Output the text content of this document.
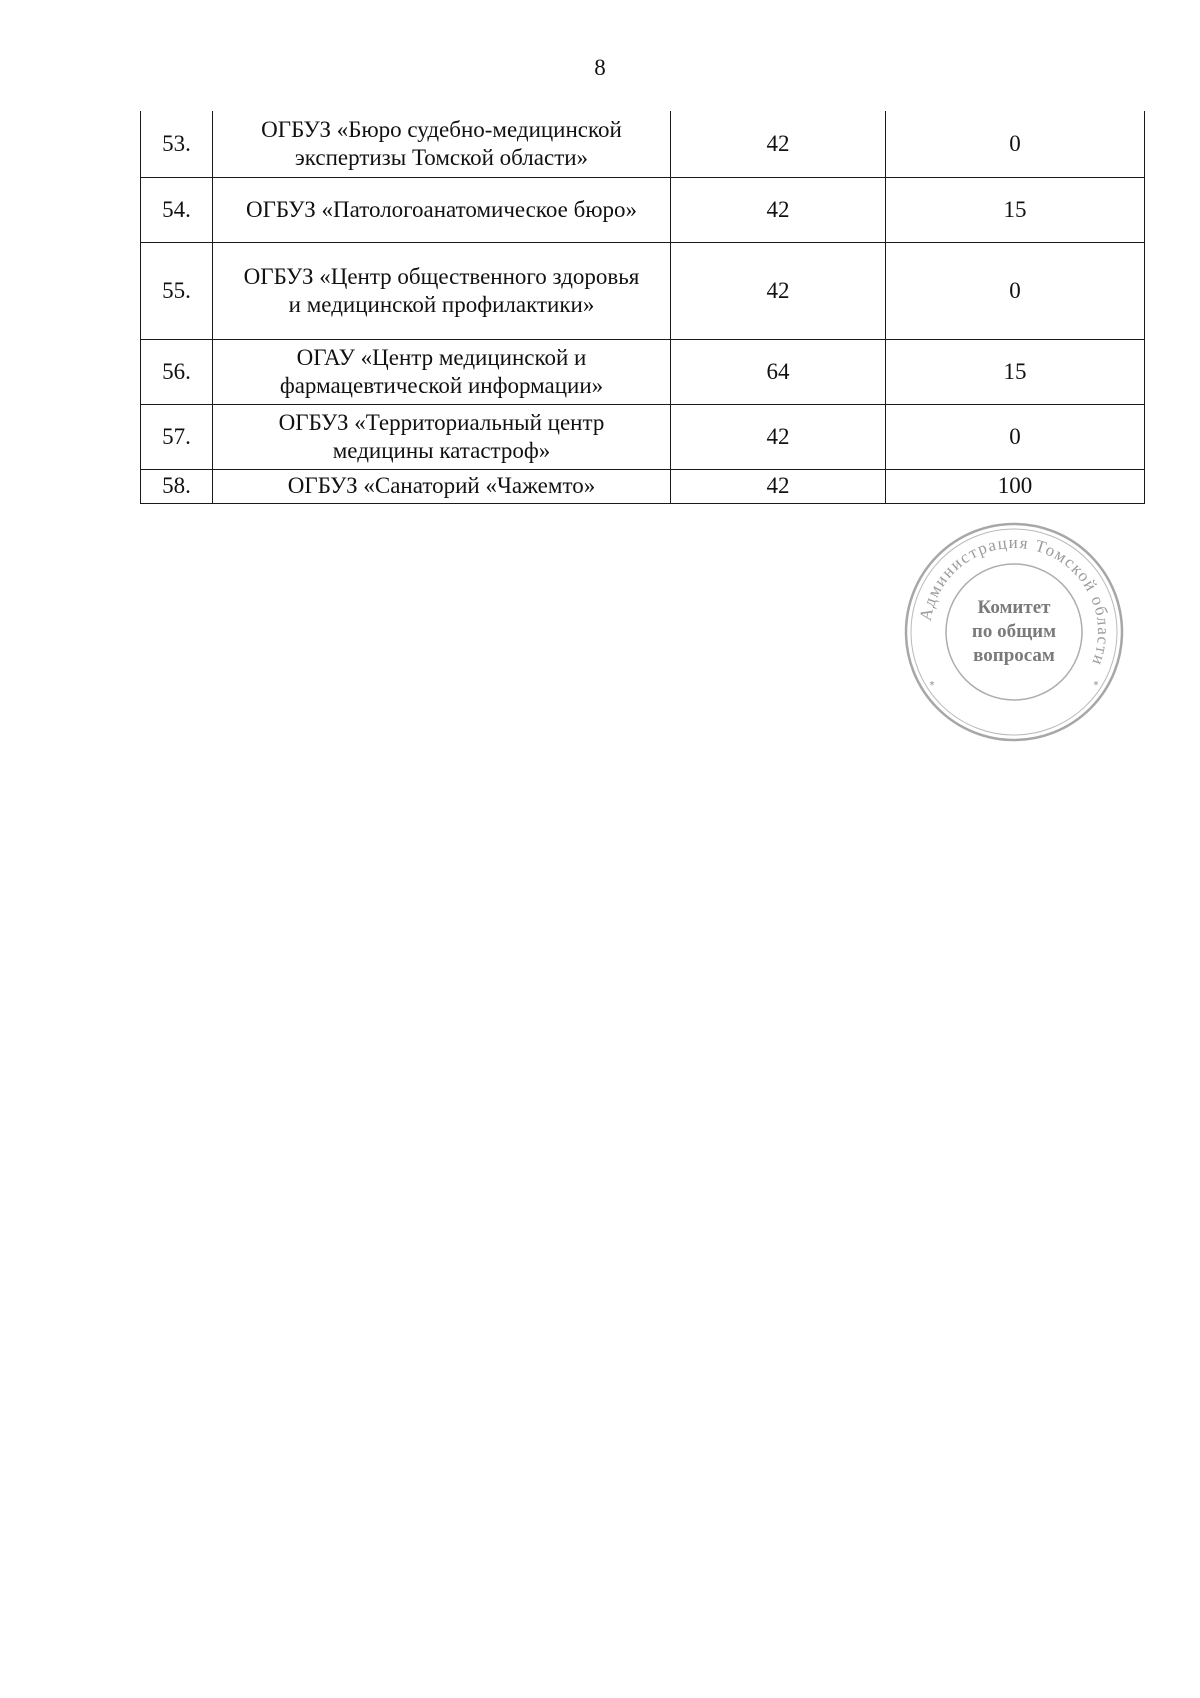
8
53.	ОГБУЗ «Бюро судебно-медицинской
экспертизы Томской области»	42	0
54.	ОГБУЗ «Патологоанатомическое бюро»	42	15
55.	ОГБУЗ «Центр общественного здоровья
и медицинской профилактики»	42	0
56.	ОГАУ «Центр медицинской и
фармацевтической информации»	64	15
57.	ОГБУЗ «Территориальный центр
медицины катастроф»	42	0
58.	ОГБУЗ «Санаторий «Чажемто»	42	100
Администрация Томской области
*	*
Комитет
по общим
вопросам
